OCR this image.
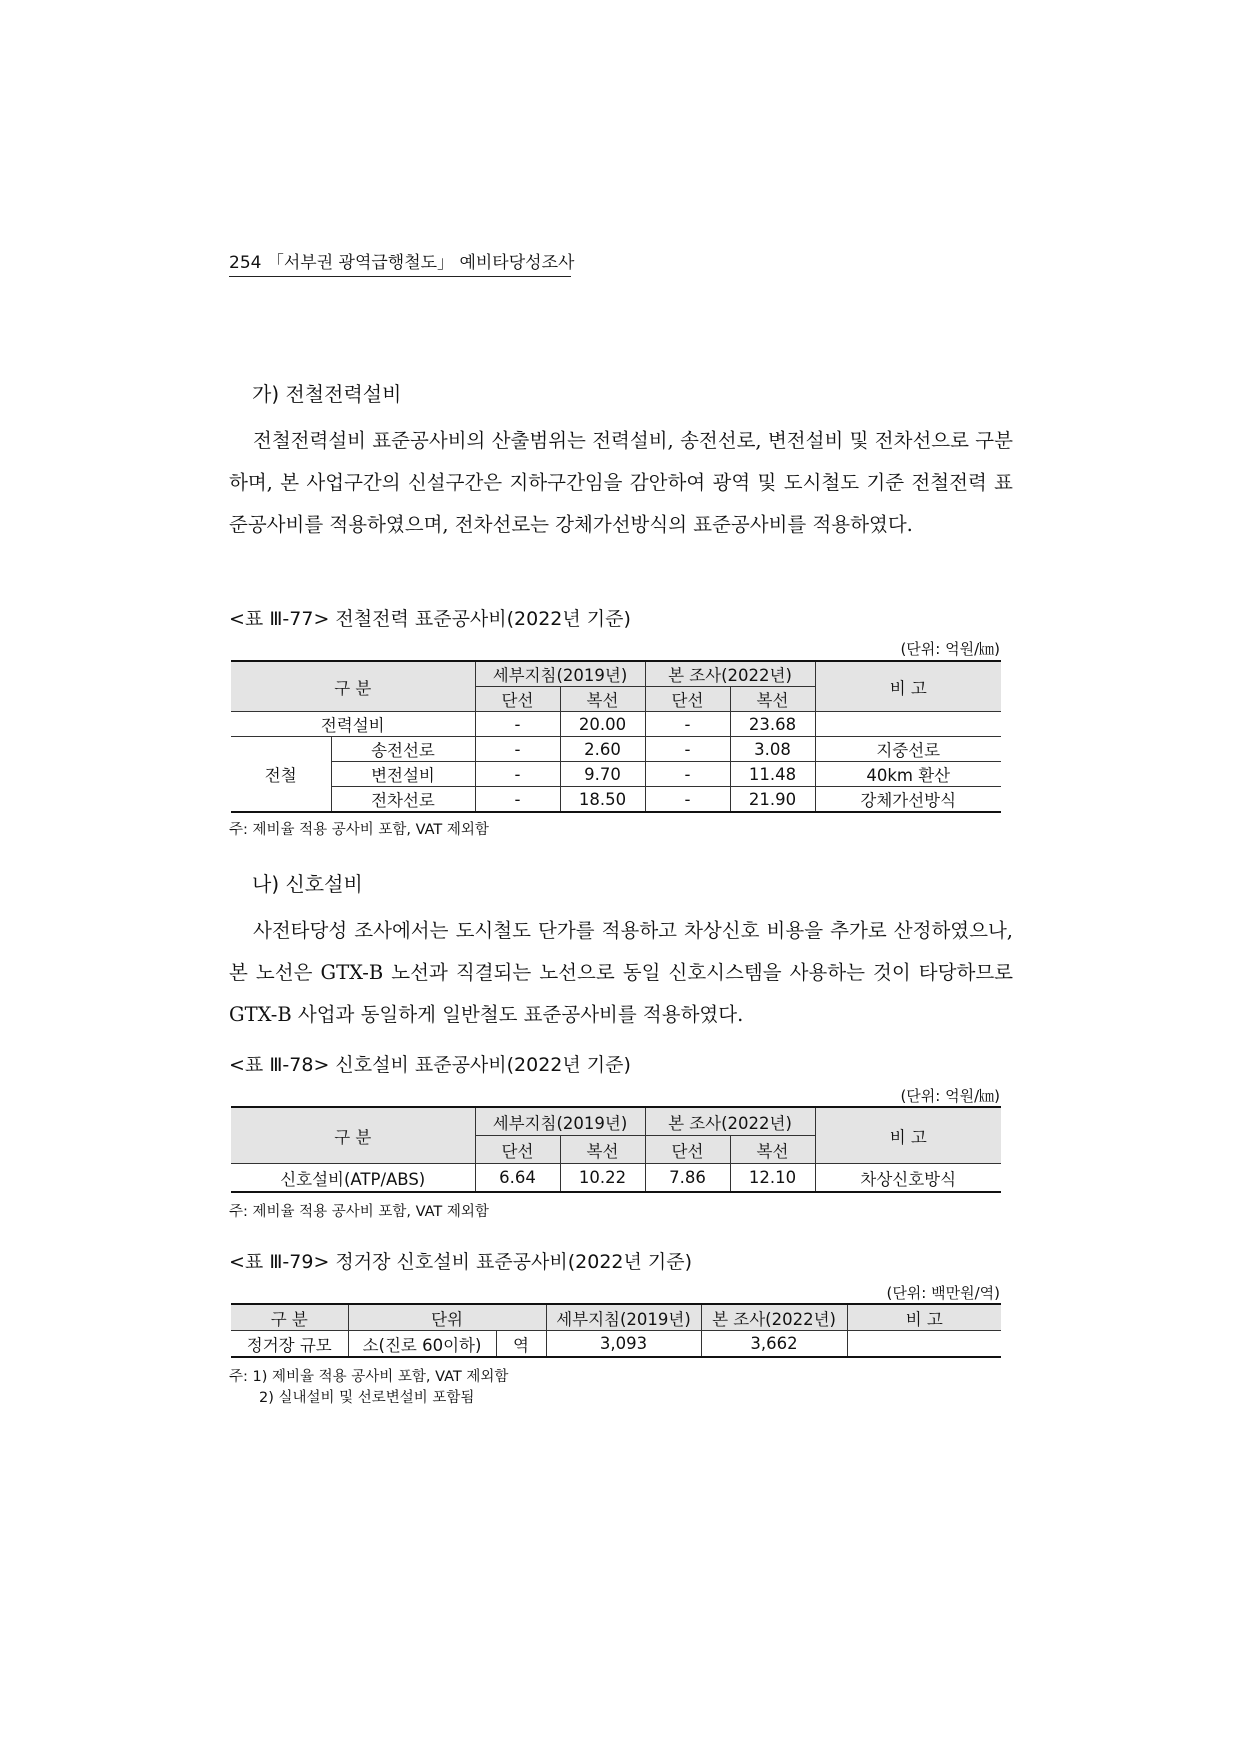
254 「서부권 광역급행철도」 예비타당성조사
가) 전철전력설비

전철전력설비 표준공사비의 산출범위는 전력설비, 송전선로, 변전설비 및 전차선으로 구분하며, 본 사업구간의 신설구간은 지하구간임을 감안하여 광역 및 도시철도 기준 전철전력 표준공사비를 적용하였으며, 전차선로는 강체가선방식의 표준공사비를 적용하였다.

<표 Ⅲ-77> 전철전력 표준공사비(2022년 기준)
(단위: 억원/㎞)
구 분		세부지침(2019년)		본 조사(2022년)		비 고
		단선	복선	단선	복선	
전력설비		-	20.00	-	23.68	
전철	송전선로	-	2.60	-	3.08	지중선로
	변전설비	-	9.70	-	11.48	40km 환산
	전차선로	-	18.50	-	21.90	강체가선방식
주: 제비율 적용 공사비 포함, VAT 제외함
나) 신호설비

사전타당성 조사에서는 도시철도 단가를 적용하고 차상신호 비용을 추가로 산정하였으나, 본 노선은 GTX-B 노선과 직결되는 노선으로 동일 신호시스템을 사용하는 것이 타당하므로 GTX-B 사업과 동일하게 일반철도 표준공사비를 적용하였다.

<표 Ⅲ-78> 신호설비 표준공사비(2022년 기준)
(단위: 억원/㎞)
구 분	세부지침(2019년)		본 조사(2022년)		비 고
	단선	복선	단선	복선	
신호설비(ATP/ABS)	6.64	10.22	7.86	12.10	차상신호방식
주: 제비율 적용 공사비 포함, VAT 제외함
<표 Ⅲ-79> 정거장 신호설비 표준공사비(2022년 기준)
(단위: 백만원/역)
구 분	단위		세부지침(2019년)	본 조사(2022년)	비 고
정거장 규모	소(진로 60이하)	역	3,093	3,662	
주: 1) 제비율 적용 공사비 포함, VAT 제외함
2) 실내설비 및 선로변설비 포함됨
